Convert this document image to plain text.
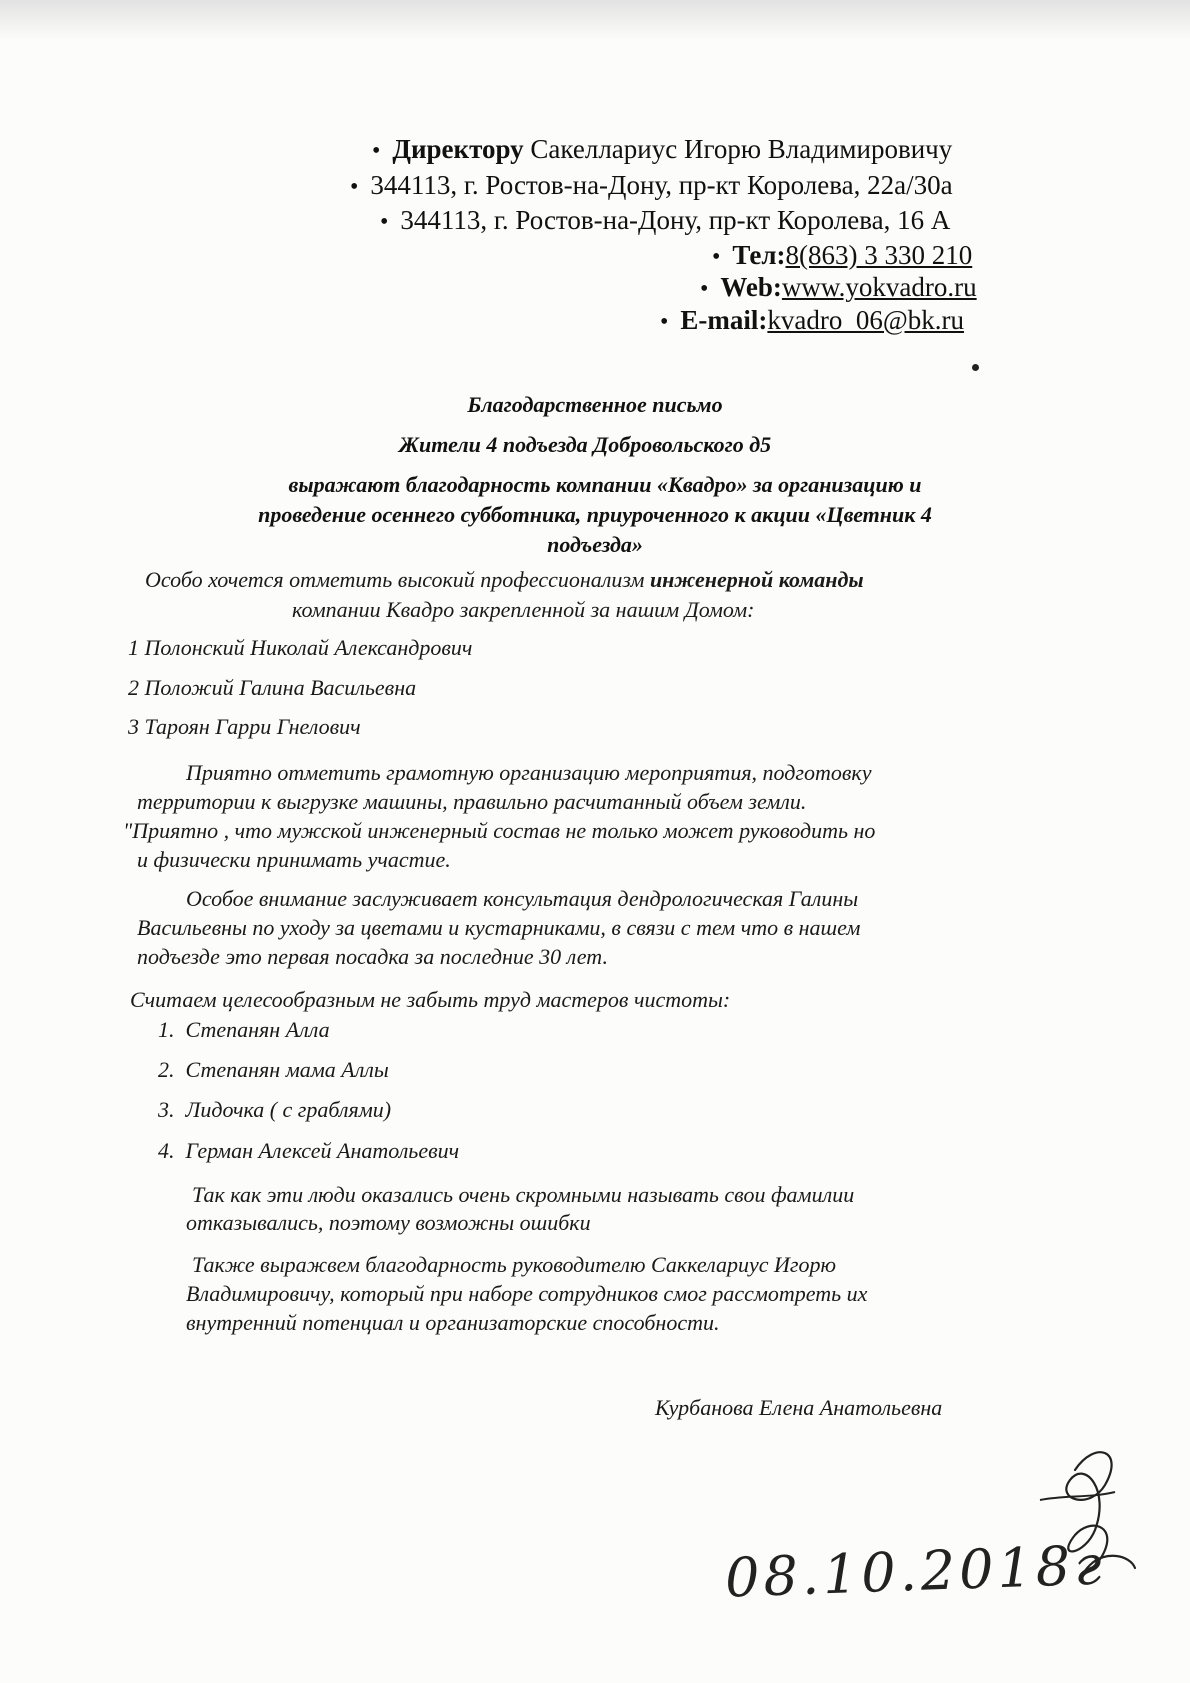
• Директору Сакеллариус Игорю Владимировичу
• 344113, г. Ростов-на-Дону, пр-кт Королева, 22а/30а
• 344113, г. Ростов-на-Дону, пр-кт Королева, 16 А
• Тел:8(863) 3 330 210
• Web:www.yokvadro.ru
• E-mail:kvadro_06@bk.ru
Благодарственное письмо
Жители 4 подъезда Добровольского д5
выражают благодарность компании «Квадро» за организацию и
проведение осеннего субботника, приуроченного к акции «Цветник 4
подъезда»
Особо хочется отметить высокий профессионализм инженерной команды
компании Квадро закрепленной за нашим Домом:
1 Полонский Николай Александрович
2 Положий Галина Васильевна
3 Тароян Гарри Гнелович
Приятно отметить грамотную организацию мероприятия, подготовку
территории к выгрузке машины, правильно расчитанный объем земли.
"Приятно , что мужской инженерный состав не только может руководить но
и физически принимать участие.
Особое внимание заслуживает консультация дендрологическая Галины
Васильевны по уходу за цветами и кустарниками, в связи с тем что в нашем
подъезде это первая посадка за последние 30 лет.
Считаем целесообразным не забыть труд мастеров чистоты:
1. Степанян Алла
2. Степанян мама Аллы
3. Лидочка ( с граблями)
4. Герман Алексей Анатольевич
Так как эти люди оказались очень скромными называть свои фамилии
отказывались, поэтому возможны ошибки
Также выражвем благодарность руководителю Саккелариус Игорю
Владимировичу, который при наборе сотрудников смог рассмотреть их
внутренний потенциал и организаторские способности.
Курбанова Елена Анатольевна
08.10.2018г
